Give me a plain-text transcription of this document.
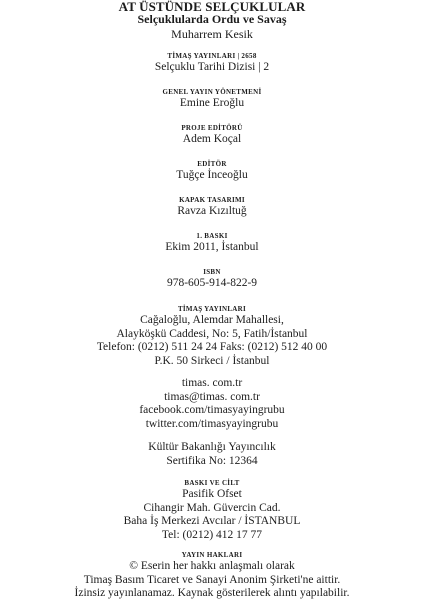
AT ÜSTÜNDE SELÇUKLULAR
Selçuklularda Ordu ve Savaş
Muharrem Kesik
TİMAŞ YAYINLARI | 2658
Selçuklu Tarihi Dizisi | 2
GENEL YAYIN YÖNETMENİ
Emine Eroğlu
PROJE EDİTÖRÜ
Adem Koçal
EDİTÖR
Tuğçe İnceoğlu
KAPAK TASARIMI
Ravza Kızıltuğ
1. BASKI
Ekim 2011, İstanbul
ISBN
978-605-914-822-9
TİMAŞ YAYINLARI
Cağaloğlu, Alemdar Mahallesi,
Alayköşkü Caddesi, No: 5, Fatih/İstanbul
Telefon: (0212) 511 24 24 Faks: (0212) 512 40 00
P.K. 50 Sirkeci / İstanbul
timas. com.tr
timas@timas. com.tr
facebook.com/timasyayingrubu
twitter.com/timasyayingrubu
Kültür Bakanlığı Yayıncılık
Sertifika No: 12364
BASKI VE CİLT
Pasifik Ofset
Cihangir Mah. Güvercin Cad.
Baha İş Merkezi Avcılar / İSTANBUL
Tel: (0212) 412 17 77
YAYIN HAKLARI
© Eserin her hakkı anlaşmalı olarak
Timaş Basım Ticaret ve Sanayi Anonim Şirketi'ne aittir.
İzinsiz yayınlanamaz. Kaynak gösterilerek alıntı yapılabilir.
